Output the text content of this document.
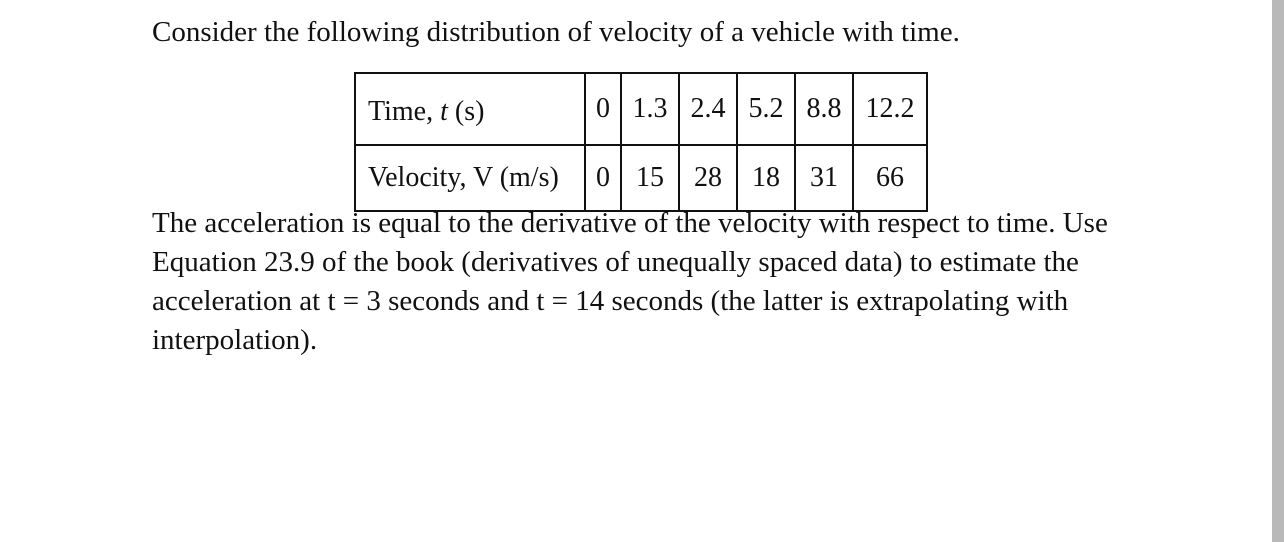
Consider the following distribution of velocity of a vehicle with time.
Time, t (s)	0	1.3	2.4	5.2	8.8	12.2
Velocity, V (m/s)	0	15	28	18	31	66
The acceleration is equal to the derivative of the velocity with respect to time. Use Equation 23.9 of the book (derivatives of unequally spaced data) to estimate the acceleration at t = 3 seconds and t = 14 seconds (the latter is extrapolating with interpolation).
